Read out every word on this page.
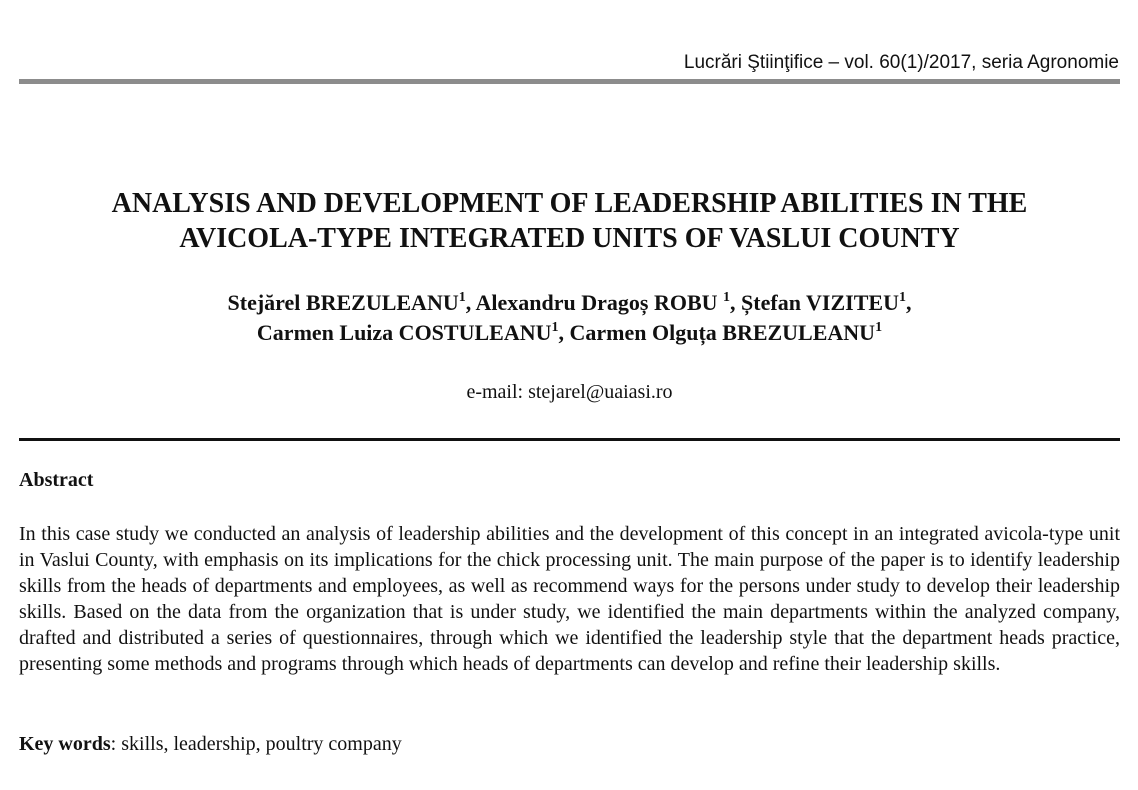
Lucrări Ştiinţifice – vol. 60(1)/2017, seria Agronomie
ANALYSIS AND DEVELOPMENT OF LEADERSHIP ABILITIES IN THE
AVICOLA-TYPE INTEGRATED UNITS OF VASLUI COUNTY
Stejărel BREZULEANU$^1$, Alexandru Dragoș ROBU $^1$, Ștefan VIZITEU$^1$,
Carmen Luiza COSTULEANU$^1$, Carmen Olguța BREZULEANU$^1$
e-mail: stejarel@uaiasi.ro
Abstract

In this case study we conducted an analysis of leadership abilities and the development of this concept in an integrated avicola-type unit in Vaslui County, with emphasis on its implications for the chick processing unit. The main purpose of the paper is to identify leadership skills from the heads of departments and employees, as well as recommend ways for the persons under study to develop their leadership skills. Based on the data from the organization that is under study, we identified the main departments within the analyzed company, drafted and distributed a series of questionnaires, through which we identified the leadership style that the department heads practice, presenting some methods and programs through which heads of departments can develop and refine their leadership skills.

Key words: skills, leadership, poultry company
